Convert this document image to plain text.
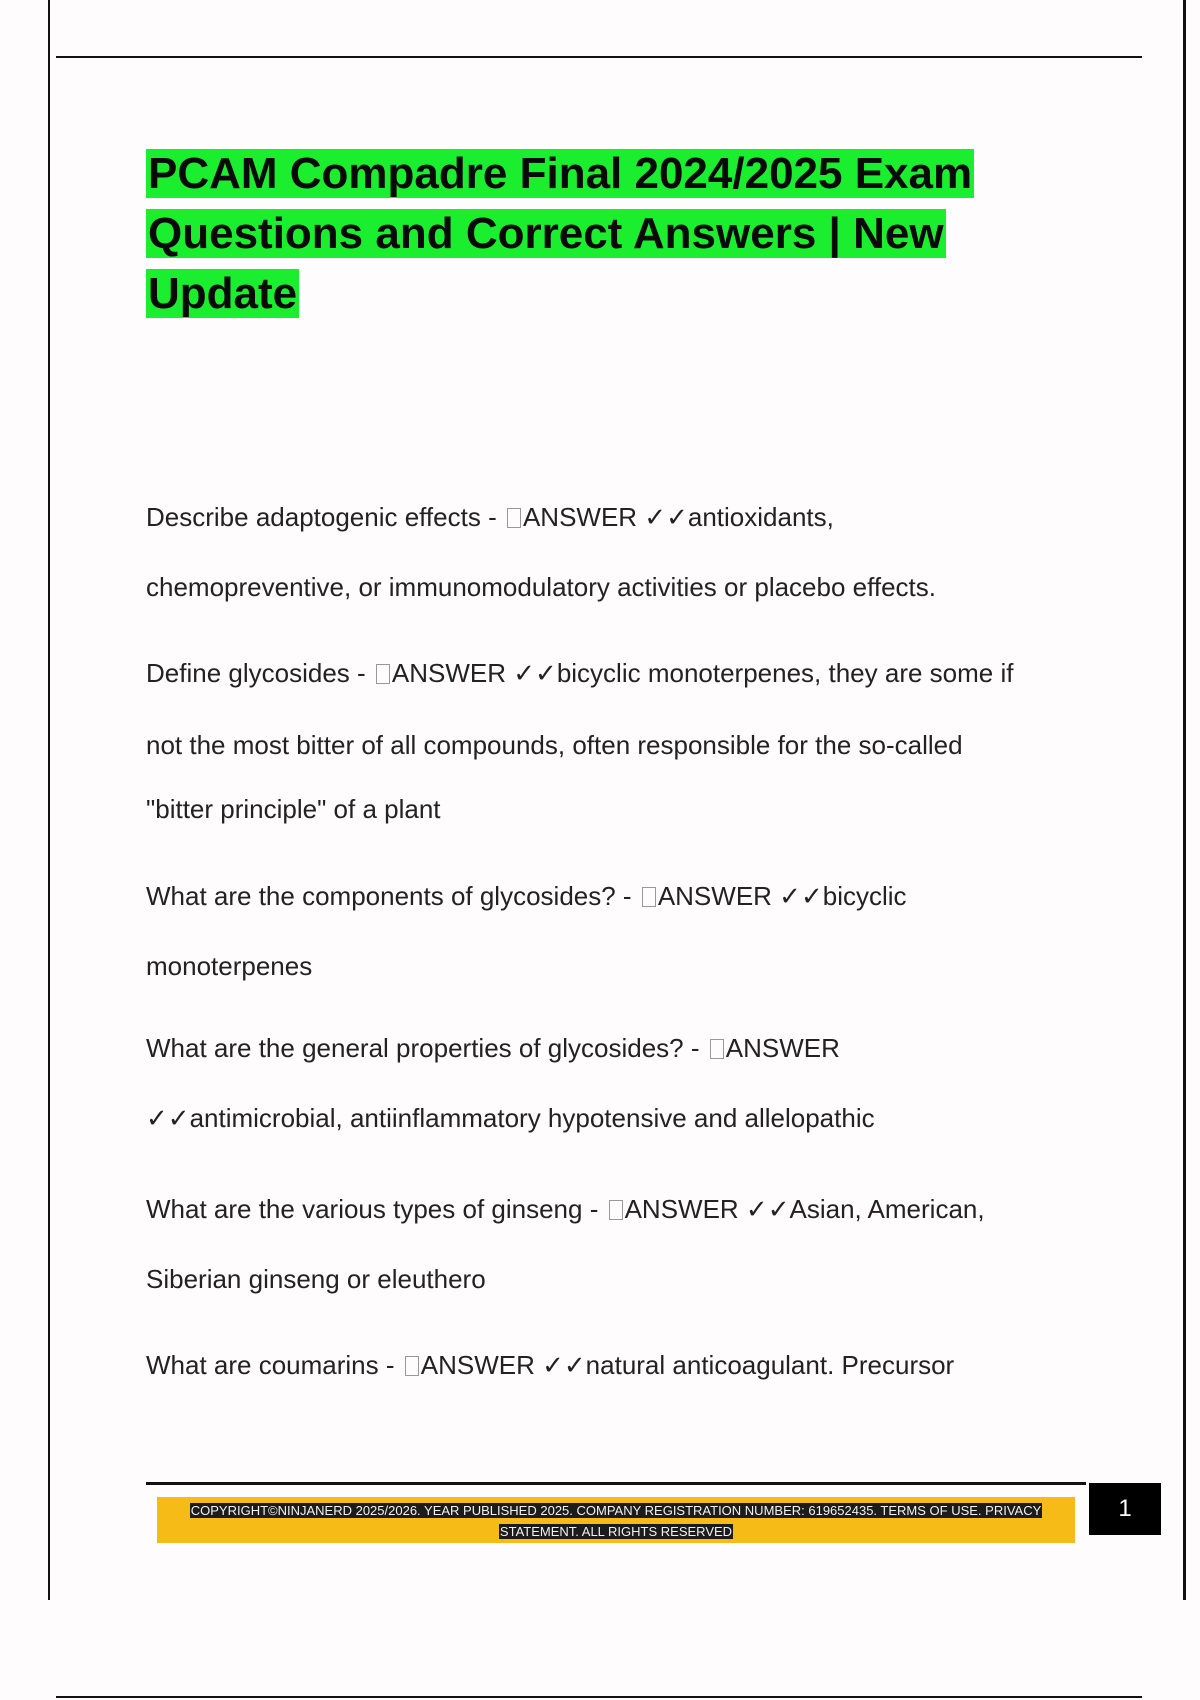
PCAM Compadre Final 2024/2025 Exam Questions and Correct Answers | New Update
Describe adaptogenic effects - ANSWER ✓✓antioxidants,
chemopreventive, or immunomodulatory activities or placebo effects.
Define glycosides - ANSWER ✓✓bicyclic monoterpenes, they are some if
not the most bitter of all compounds, often responsible for the so-called
"bitter principle" of a plant
What are the components of glycosides? - ANSWER ✓✓bicyclic
monoterpenes
What are the general properties of glycosides? - ANSWER
✓✓antimicrobial, antiinflammatory hypotensive and allelopathic
What are the various types of ginseng - ANSWER ✓✓Asian, American,
Siberian ginseng or eleuthero
What are coumarins - ANSWER ✓✓natural anticoagulant. Precursor

COPYRIGHT©NINJANERD 2025/2026. YEAR PUBLISHED 2025. COMPANY REGISTRATION NUMBER: 619652435. TERMS OF USE. PRIVACY
STATEMENT. ALL RIGHTS RESERVED

1
